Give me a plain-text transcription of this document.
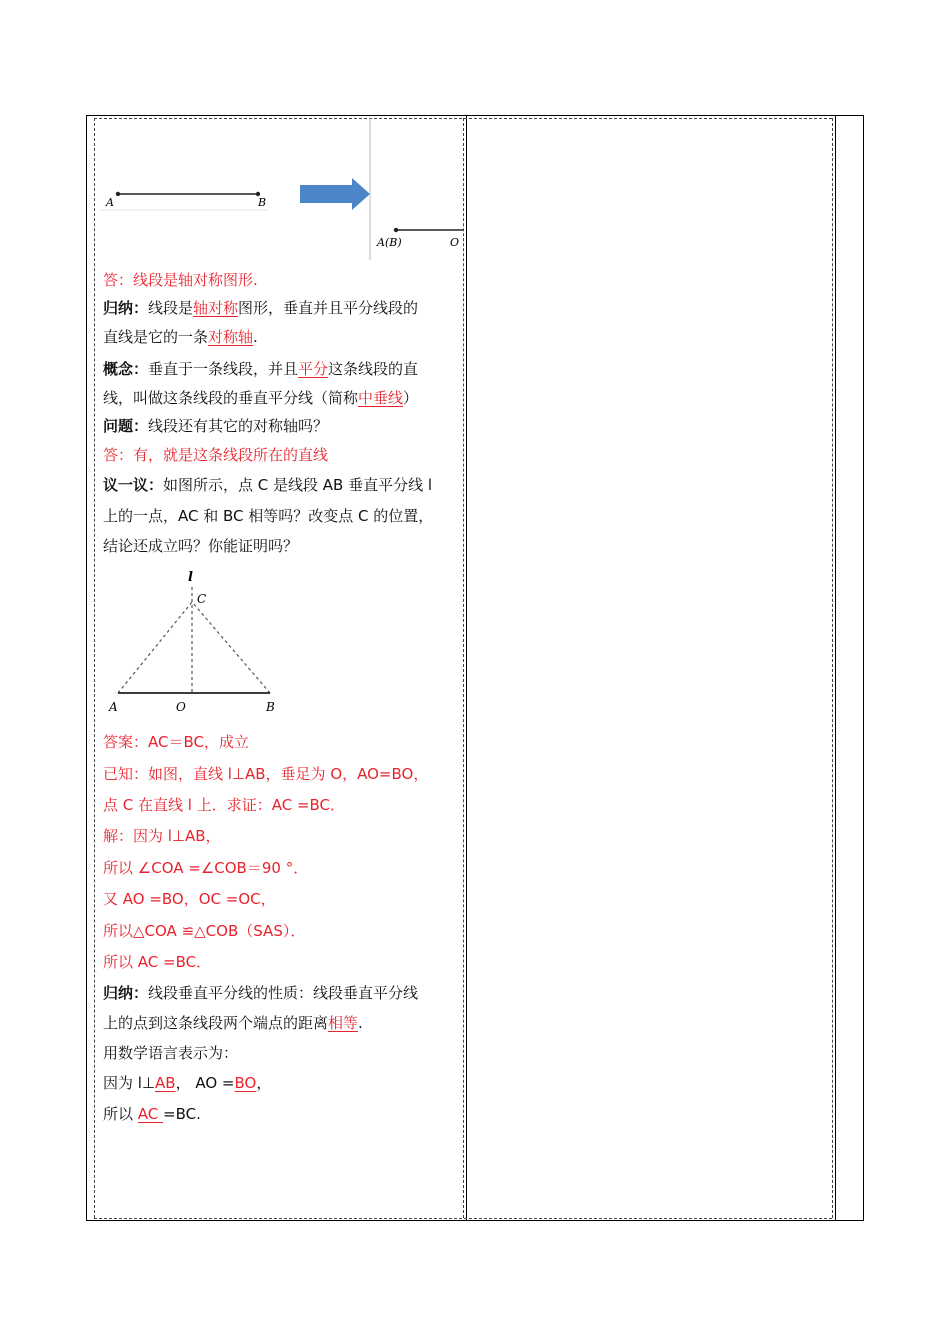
A	B
A(B)	O
答：线段是轴对称图形.
归纳：线段是轴对称图形，垂直并且平分线段的
直线是它的一条对称轴.
概念：垂直于一条线段，并且平分这条线段的直
线，叫做这条线段的垂直平分线（简称中垂线）
问题：线段还有其它的对称轴吗？
答：有，就是这条线段所在的直线
议一议：如图所示，点 C 是线段 AB 垂直平分线 l
上的一点，AC 和 BC 相等吗？改变点 C 的位置，
结论还成立吗？你能证明吗？
l
C
A	O	B
答案：AC＝BC，成立
已知：如图，直线 l⊥AB，垂足为 O，AO=BO，
点 C 在直线 l 上．求证：AC =BC．
解：因为 l⊥AB，
所以 ∠COA =∠COB＝90 °．
又 AO =BO，OC =OC，
所以△COA ≌△COB（SAS）．
所以 AC =BC．
归纳：线段垂直平分线的性质：线段垂直平分线
上的点到这条线段两个端点的距离相等.
用数学语言表示为：
因为 l⊥AB， AO =BO，
所以 AC =BC.
